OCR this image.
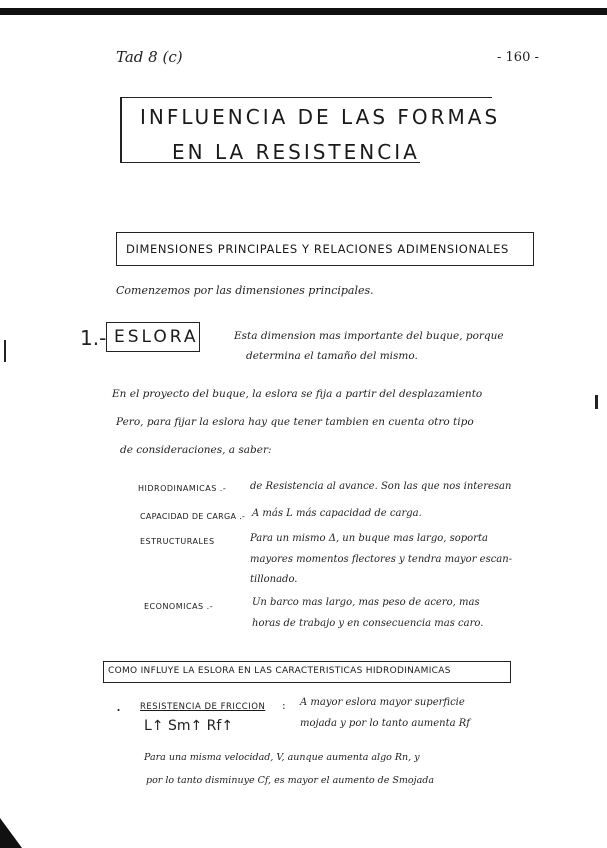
Tad 8 (c)	- 160 -
INFLUENCIA DE LAS FORMAS
EN LA RESISTENCIA
DIMENSIONES PRINCIPALES Y RELACIONES ADIMENSIONALES
Comenzemos por las dimensiones principales.
1.- ESLORA	Esta dimension mas importante del buque, porque
determina el tamaño del mismo.
En el proyecto del buque, la eslora se fija a partir del desplazamiento
Pero, para fijar la eslora hay que tener tambien en cuenta otro tipo
de consideraciones, a saber:
HIDRODINAMICAS .- de Resistencia al avance. Son las que nos interesan
CAPACIDAD DE CARGA .- A más L más capacidad de carga.
ESTRUCTURALES	Para un mismo Δ, un buque mas largo, soporta
mayores momentos flectores y tendra mayor escan-
tillonado.
ECONOMICAS .-	Un barco mas largo, mas peso de acero, mas
horas de trabajo y en consecuencia mas caro.
COMO INFLUYE LA ESLORA EN LAS CARACTERISTICAS HIDRODINAMICAS
. RESISTENCIA DE FRICCION :
L↑ Sm↑ Rf↑
A mayor eslora mayor superficie
mojada y por lo tanto aumenta Rf
Para una misma velocidad, V, aunque aumenta algo Rn, y
por lo tanto disminuye Cf, es mayor el aumento de Smojada
